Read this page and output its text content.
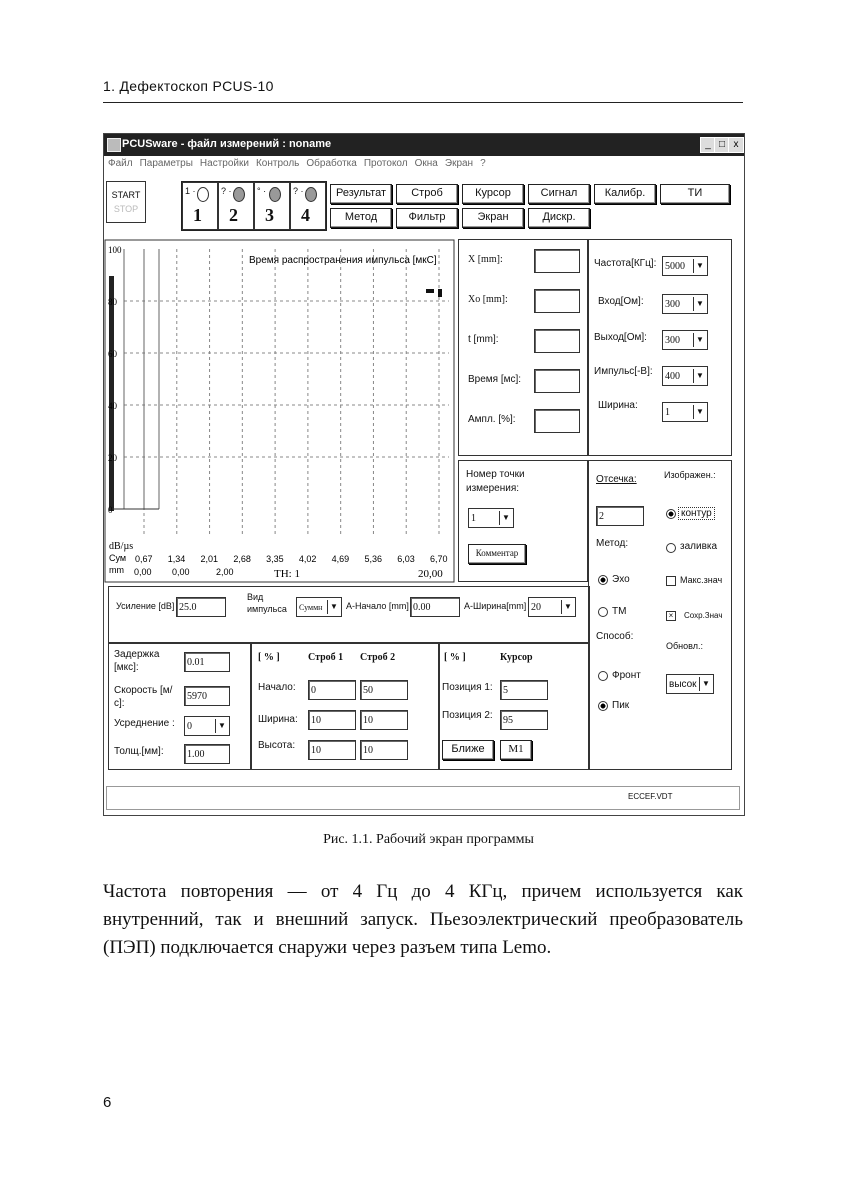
1. Дефектоскоп PCUS-10
PCUSware - файл измерений : noname	_ □ x
Файл Параметры Настройки Контроль Обработка Протокол Окна Экран ?
START
STOP
1 ·
1
? ·
2
° ·
3
? ·
4
Результат	Строб	Курсор	Сигнал	Калибр.	ТИ
Метод	Фильтр	Экран	Дискр.
Время распространения импульса [мкС]
100
80
60
40
20
0
dB/µs
Сум
mm
0,67 1,34 2,01 2,68 3,35 4,02 4,69 5,36 6,03 6,70
0,00 0,00	2,00	TH: 1	20,00
X [mm]:
Xo [mm]:
t [mm]:
Время [мс]:
Ампл. [%]:
Частота[КГц]: 5000	▼
Вход[Ом]:	300	▼
Выход[Ом]:	300	▼
Импульс[-В]:	400	▼
Ширина:
1	▼
Номер точки измерения:
1	▼
Комментар
Отсечка:
2
Метод:
Эхо
ТМ
Способ:
Фронт
Пик
Изображен.:
контур
заливка
Макс.знач
×	Сохр.Знач
Обновл.:
высок ▼
Усиление [dB] 25.0
Вид импульса	Суммн ▼ А-Начало [mm] 0.00	А-Ширина[mm] 20	▼
Задержка [мкс]:	0.01
Скорость [м/с]:
5970
Усреднение :	0	▼
Толщ.[мм]:	1.00
[ % ]	Строб 1 Строб 2
Начало:	0	50
Ширина:	10	10
Высота:	10	10
[ % ]	Курсор
Позиция 1:	5
Позиция 2:	95
Ближе	M1
ECCEF.VDT
Рис. 1.1. Рабочий экран программы
Частота повторения — от 4 Гц до 4 КГц, причем используется как внутренний, так и внешний запуск. Пьезоэлектрический преобразователь (ПЭП) подключается снаружи через разъем типа Lemo.
6
